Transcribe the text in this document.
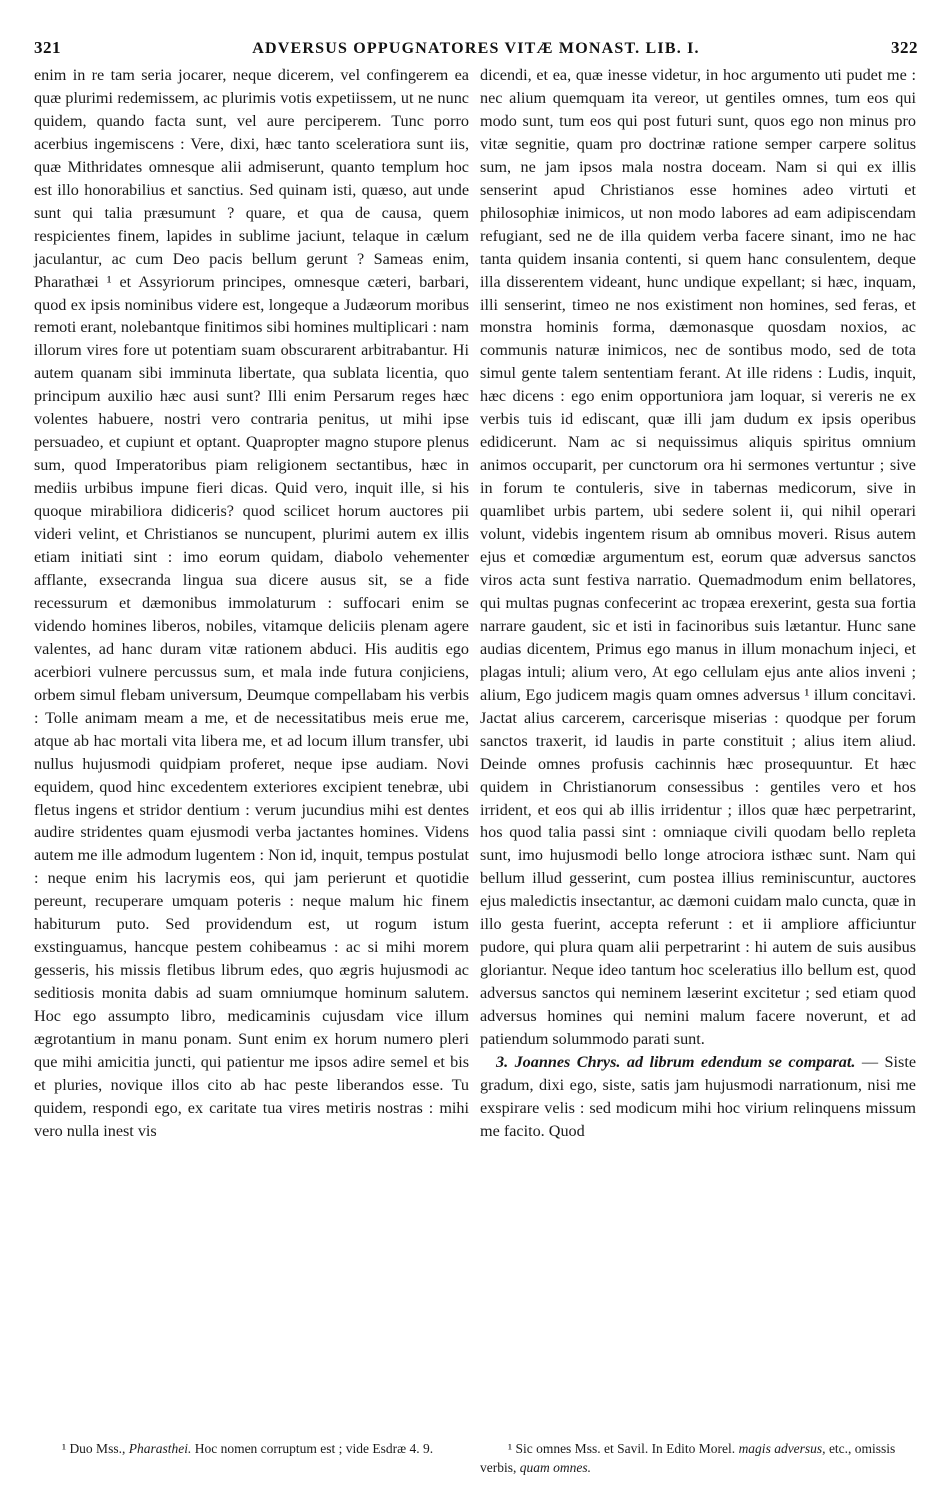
321	ADVERSUS OPPUGNATORES VITÆ MONAST. LIB. I.	322

enim in re tam seria jocarer, neque dicerem, vel confingerem ea quæ plurimi redemissem, ac plurimis votis expetiissem, ut ne nunc quidem, quando facta sunt, vel aure perciperem. Tunc porro acerbius ingemiscens : Vere, dixi, hæc tanto sceleratiora sunt iis, quæ Mithridates omnesque alii admiserunt, quanto templum hoc est illo honorabilius et sanctius. Sed quinam isti, quæso, aut unde sunt qui talia præsumunt ? quare, et qua de causa, quem respicientes finem, lapides in sublime jaciunt, telaque in cælum jaculantur, ac cum Deo pacis bellum gerunt ? Sameas enim, Pharathæi ¹ et Assyriorum principes, omnesque cæteri, barbari, quod ex ipsis nominibus videre est, longeque a Judæorum moribus remoti erant, nolebantque finitimos sibi homines multiplicari : nam illorum vires fore ut potentiam suam obscurarent arbitrabantur. Hi autem quanam sibi imminuta libertate, qua sublata licentia, quo principum auxilio hæc ausi sunt? Illi enim Persarum reges hæc volentes habuere, nostri vero contraria penitus, ut mihi ipse persuadeo, et cupiunt et optant. Quapropter magno stupore plenus sum, quod Imperatoribus piam religionem sectantibus, hæc in mediis urbibus impune fieri dicas. Quid vero, inquit ille, si his quoque mirabiliora didiceris? quod scilicet horum auctores pii videri velint, et Christianos se nuncupent, plurimi autem ex illis etiam initiati sint : imo eorum quidam, diabolo vehementer afflante, exsecranda lingua sua dicere ausus sit, se a fide recessurum et dæmonibus immolaturum : suffocari enim se videndo homines liberos, nobiles, vitamque deliciis plenam agere valentes, ad hanc duram vitæ rationem abduci. His auditis ego acerbiori vulnere percussus sum, et mala inde futura conjiciens, orbem simul flebam universum, Deumque compellabam his verbis : Tolle animam meam a me, et de necessitatibus meis erue me, atque ab hac mortali vita libera me, et ad locum illum transfer, ubi nullus hujusmodi quidpiam proferet, neque ipse audiam. Novi equidem, quod hinc excedentem exteriores excipient tenebræ, ubi fletus ingens et stridor dentium : verum jucundius mihi est dentes audire stridentes quam ejusmodi verba jactantes homines. Videns autem me ille admodum lugentem : Non id, inquit, tempus postulat : neque enim his lacrymis eos, qui jam perierunt et quotidie pereunt, recuperare umquam poteris : neque malum hic finem habiturum puto. Sed providendum est, ut rogum istum exstinguamus, hancque pestem cohibeamus : ac si mihi morem gesseris, his missis fletibus librum edes, quo ægris hujusmodi ac seditiosis monita dabis ad suam omniumque hominum salutem. Hoc ego assumpto libro, medicaminis cujusdam vice illum ægrotantium in manu ponam. Sunt enim ex horum numero pleri que mihi amicitia juncti, qui patientur me ipsos adire semel et bis et pluries, novique illos cito ab hac peste liberandos esse. Tu quidem, respondi ego, ex caritate tua vires metiris nostras : mihi vero nulla inest vis

dicendi, et ea, quæ inesse videtur, in hoc argumento uti pudet me : nec alium quemquam ita vereor, ut gentiles omnes, tum eos qui modo sunt, tum eos qui post futuri sunt, quos ego non minus pro vitæ segnitie, quam pro doctrinæ ratione semper carpere solitus sum, ne jam ipsos mala nostra doceam. Nam si qui ex illis senserint apud Christianos esse homines adeo virtuti et philosophiæ inimicos, ut non modo labores ad eam adipiscendam refugiant, sed ne de illa quidem verba facere sinant, imo ne hac tanta quidem insania contenti, si quem hanc consulentem, deque illa disserentem videant, hunc undique expellant; si hæc, inquam, illi senserint, timeo ne nos existiment non homines, sed feras, et monstra hominis forma, dæmonasque quosdam noxios, ac communis naturæ inimicos, nec de sontibus modo, sed de tota simul gente talem sententiam ferant. At ille ridens : Ludis, inquit, hæc dicens : ego enim opportuniora jam loquar, si vereris ne ex verbis tuis id ediscant, quæ illi jam dudum ex ipsis operibus edidicerunt. Nam ac si nequissimus aliquis spiritus omnium animos occuparit, per cunctorum ora hi sermones vertuntur ; sive in forum te contuleris, sive in tabernas medicorum, sive in quamlibet urbis partem, ubi sedere solent ii, qui nihil operari volunt, videbis ingentem risum ab omnibus moveri. Risus autem ejus et comœdiæ argumentum est, eorum quæ adversus sanctos viros acta sunt festiva narratio. Quemadmodum enim bellatores, qui multas pugnas confecerint ac tropæa erexerint, gesta sua fortia narrare gaudent, sic et isti in facinoribus suis lætantur. Hunc sane audias dicentem, Primus ego manus in illum monachum injeci, et plagas intuli; alium vero, At ego cellulam ejus ante alios inveni ; alium, Ego judicem magis quam omnes adversus ¹ illum concitavi. Jactat alius carcerem, carcerisque miserias : quodque per forum sanctos traxerit, id laudis in parte constituit ; alius item aliud. Deinde omnes profusis cachinnis hæc prosequuntur. Et hæc quidem in Christianorum consessibus : gentiles vero et hos irrident, et eos qui ab illis irridentur ; illos quæ hæc perpetrarint, hos quod talia passi sint : omniaque civili quodam bello repleta sunt, imo hujusmodi bello longe atrociora isthæc sunt. Nam qui bellum illud gesserint, cum postea illius reminiscuntur, auctores ejus maledictis insectantur, ac dæmoni cuidam malo cuncta, quæ in illo gesta fuerint, accepta referunt : et ii ampliore afficiuntur pudore, qui plura quam alii perpetrarint : hi autem de suis ausibus gloriantur. Neque ideo tantum hoc sceleratius illo bellum est, quod adversus sanctos qui neminem læserint excitetur ; sed etiam quod adversus homines qui nemini malum facere noverunt, et ad patiendum solummodo parati sunt.

3. Joannes Chrys. ad librum edendum se comparat. — Siste gradum, dixi ego, siste, satis jam hujusmodi narrationum, nisi me exspirare velis : sed modicum mihi hoc virium relinquens missum me facito. Quod

¹ Duo Mss., Pharasthei. Hoc nomen corruptum est ; vide Esdræ 4. 9.	¹ Sic omnes Mss. et Savil. In Edito Morel. magis adversus, etc., omissis verbis, quam omnes.
